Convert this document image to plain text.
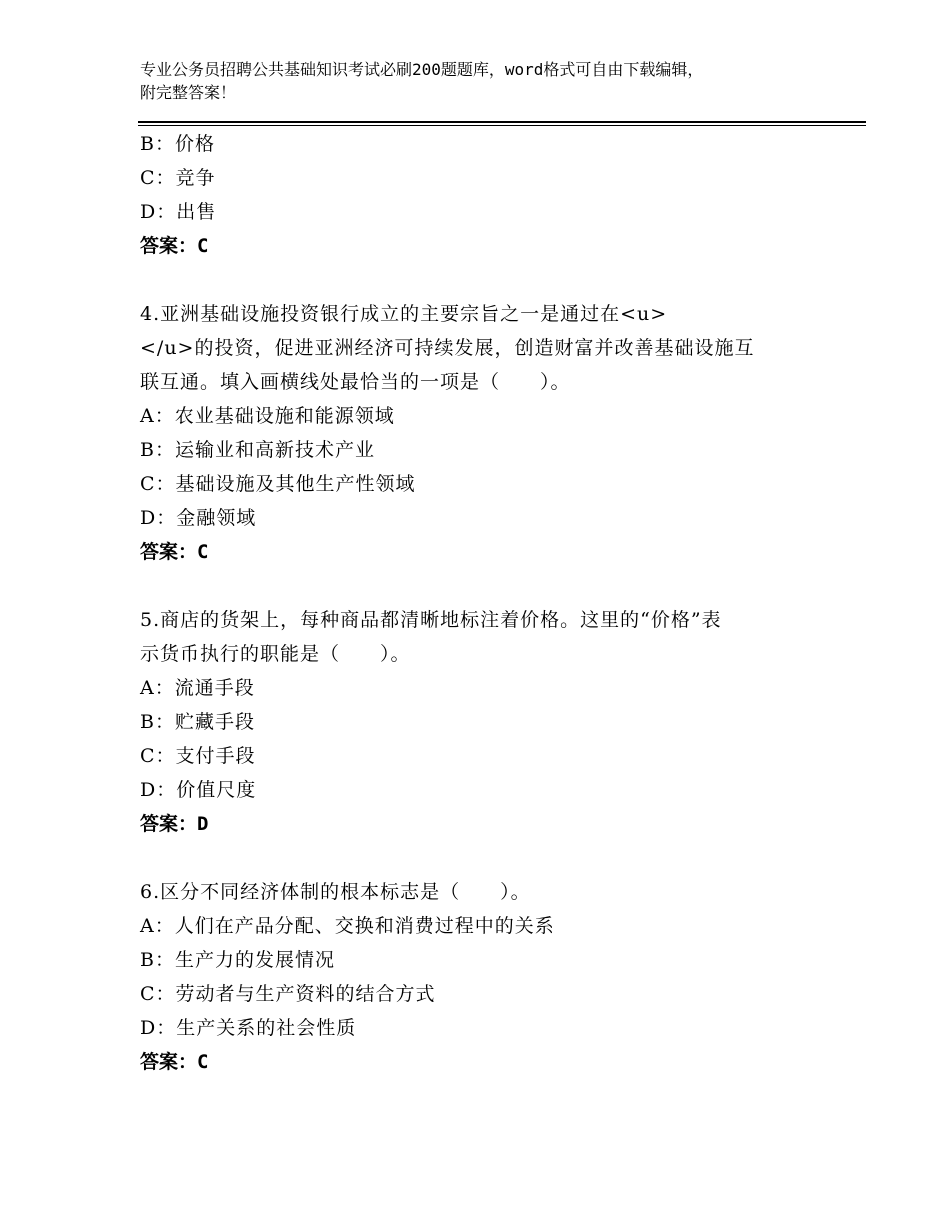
专业公务员招聘公共基础知识考试必刷200题题库，word格式可自由下载编辑，
附完整答案！
B：价格
C：竞争
D：出售
答案：C
4.亚洲基础设施投资银行成立的主要宗旨之一是通过在<u>
</u>的投资，促进亚洲经济可持续发展，创造财富并改善基础设施互
联互通。填入画横线处最恰当的一项是（　　）。
A：农业基础设施和能源领域
B：运输业和高新技术产业
C：基础设施及其他生产性领域
D：金融领域
答案：C
5.商店的货架上，每种商品都清晰地标注着价格。这里的“价格”表
示货币执行的职能是（　　）。
A：流通手段
B：贮藏手段
C：支付手段
D：价值尺度
答案：D
6.区分不同经济体制的根本标志是（　　）。
A：人们在产品分配、交换和消费过程中的关系
B：生产力的发展情况
C：劳动者与生产资料的结合方式
D：生产关系的社会性质
答案：C
